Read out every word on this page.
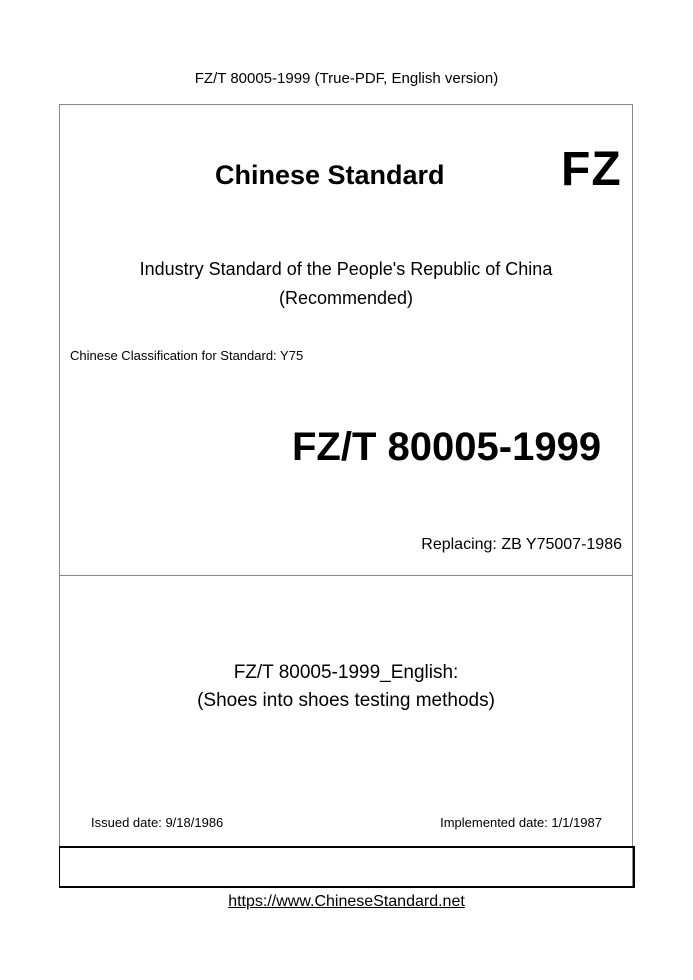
FZ/T 80005-1999 (True-PDF, English version)
Chinese Standard FZ
Industry Standard of the People's Republic of China
(Recommended)
Chinese Classification for Standard: Y75
FZ/T 80005-1999
Replacing: ZB Y75007-1986
FZ/T 80005-1999_English:
(Shoes into shoes testing methods)
Issued date: 9/18/1986	Implemented date: 1/1/1987
https://www.ChineseStandard.net
